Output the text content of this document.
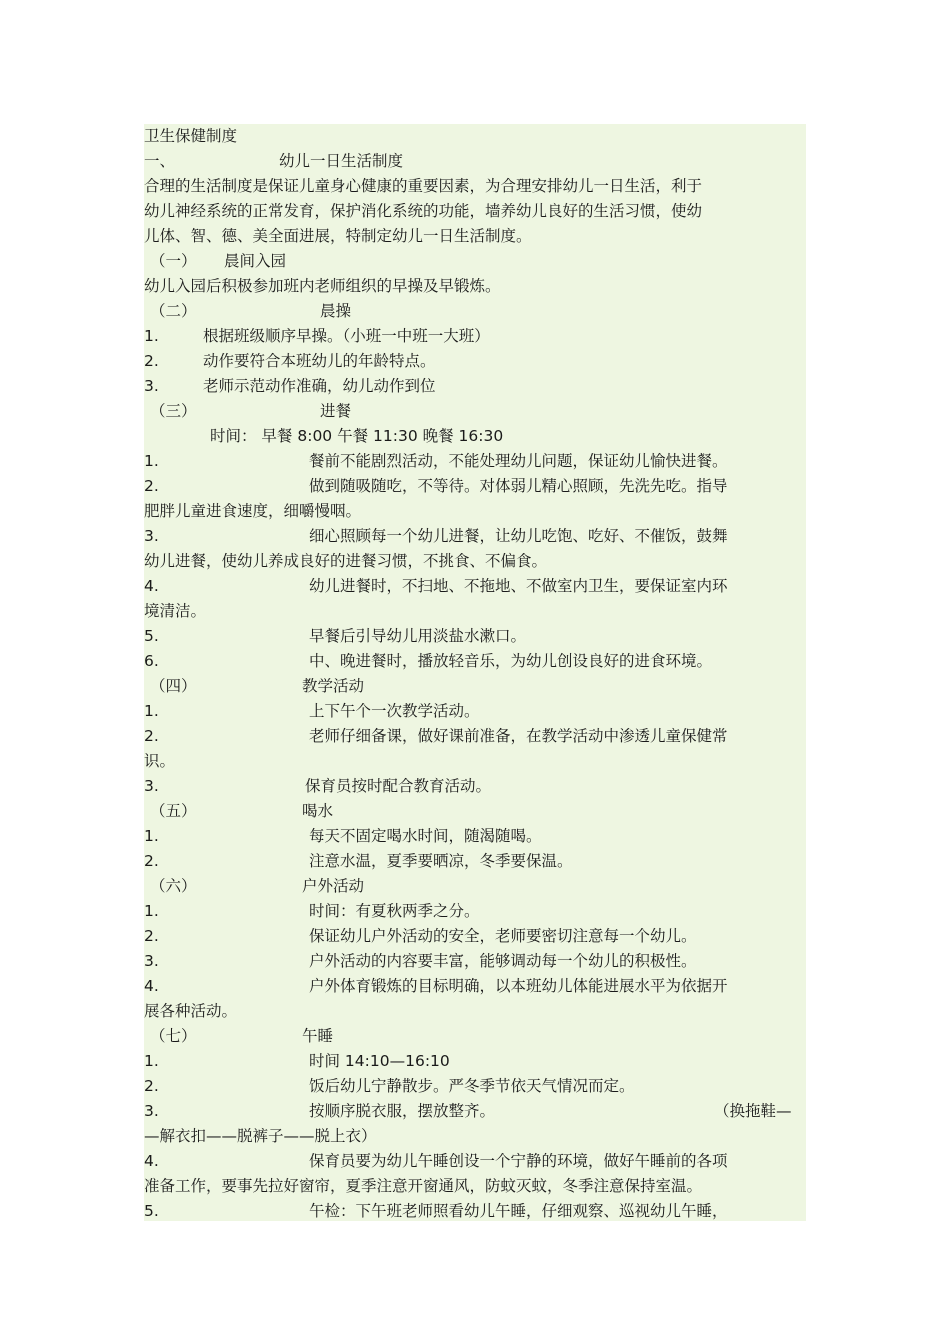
卫生保健制度
一、	幼儿一日生活制度
合理的生活制度是保证儿童身心健康的重要因素，为合理安排幼儿一日生活，利于
幼儿神经系统的正常发育，保护消化系统的功能，墙养幼儿良好的生活习惯，使幼
儿体、智、德、美全面进展，特制定幼儿一日生活制度。
（一） 晨间入园
幼儿入园后积极参加班内老师组织的早操及早锻炼。
（二）	晨操
1.	根据班级顺序早操。（小班一中班一大班）
2.	动作要符合本班幼儿的年龄特点。
3.	老师示范动作准确，幼儿动作到位
（三）	进餐
时间： 早餐 8:00 午餐 11:30 晚餐 16:30
1.	餐前不能剧烈活动，不能处理幼儿问题，保证幼儿愉快进餐。
2.	做到随吸随吃，不等待。对体弱儿精心照顾，先洗先吃。指导
肥胖儿童进食速度，细嚼慢咽。
3.	细心照顾每一个幼儿进餐，让幼儿吃饱、吃好、不催饭，鼓舞
幼儿进餐，使幼儿养成良好的进餐习惯，不挑食、不偏食。
4.	幼儿进餐时，不扫地、不拖地、不做室内卫生，要保证室内环
境清洁。
5.	早餐后引导幼儿用淡盐水漱口。
6.	中、晚进餐时，播放轻音乐，为幼儿创设良好的进食环境。
（四）	教学活动
1.	上下午个一次教学活动。
2.	老师仔细备课，做好课前准备，在教学活动中渗透儿童保健常
识。
3.	保育员按时配合教育活动。
（五）	喝水
1.	每天不固定喝水时间，随渴随喝。
2.	注意水温，夏季要晒凉，冬季要保温。
（六）	户外活动
1.	时间：有夏秋两季之分。
2.	保证幼儿户外活动的安全，老师要密切注意每一个幼儿。
3.	户外活动的内容要丰富，能够调动每一个幼儿的积极性。
4.	户外体育锻炼的目标明确，以本班幼儿体能进展水平为依据开
展各种活动。
（七）	午睡
1.	时间 14:10—16:10
2.	饭后幼儿宁静散步。严冬季节依天气情况而定。
3.	按顺序脱衣服，摆放整齐。	（换拖鞋—
—解衣扣——脱裤子——脱上衣）
4.	保育员要为幼儿午睡创设一个宁静的环境，做好午睡前的各项
准备工作，要事先拉好窗帘，夏季注意开窗通风，防蚊灭蚊，冬季注意保持室温。
5.	午检：下午班老师照看幼儿午睡，仔细观察、巡视幼儿午睡，
